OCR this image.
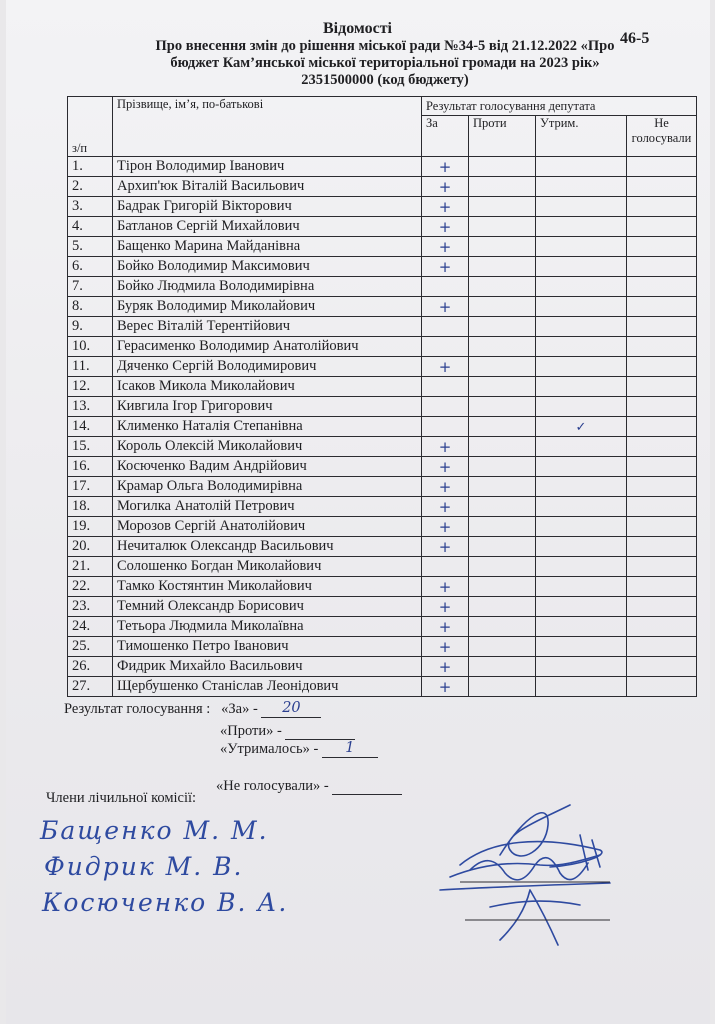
Відомості
46-5
Про внесення змін до рішення міської ради №34-5 від 21.12.2022 «Про
бюджет Кам’янської міської територіальної громади на 2023 рік»
2351500000 (код бюджету)
з/п	Прізвище, ім’я, по-батькові	Результат голосування депутата			
		За	Проти	Утрим.	Не голосували
1.	Тірон Володимир Іванович	+			
2.	Архип'юк Віталій Васильович	+			
3.	Бадрак Григорій Вікторович	+			
4.	Батланов Сергій Михайлович	+			
5.	Бащенко Марина Майданівна	+			
6.	Бойко Володимир Максимович	+			
7.	Бойко Людмила Володимирівна				
8.	Буряк Володимир Миколайович	+			
9.	Верес Віталій Терентійович				
10.	Герасименко Володимир Анатолійович				
11.	Дяченко Сергій Володимирович	+			
12.	Ісаков Микола Миколайович				
13.	Кивгила Ігор Григорович				
14.	Клименко Наталія Степанівна			✓	
15.	Король Олексій Миколайович	+			
16.	Косюченко Вадим Андрійович	+			
17.	Крамар Ольга Володимирівна	+			
18.	Могилка Анатолій Петрович	+			
19.	Морозов Сергій Анатолійович	+			
20.	Нечиталюк Олександр Васильович	+			
21.	Солошенко Богдан Миколайович				
22.	Тамко Костянтин Миколайович	+			
23.	Темний Олександр Борисович	+			
24.	Тетьора Людмила Миколаївна	+			
25.	Тимошенко Петро Іванович	+			
26.	Фидрик Михайло Васильович	+			
27.	Щербушенко Станіслав Леонідович	+			
Результат голосування : «За» - 20
«Проти» -
«Утрималось» - 1
«Не голосували» -
Члени лічильної комісії:
Бащенко М. М.
Фидрик М. В.
Косюченко В. А.
